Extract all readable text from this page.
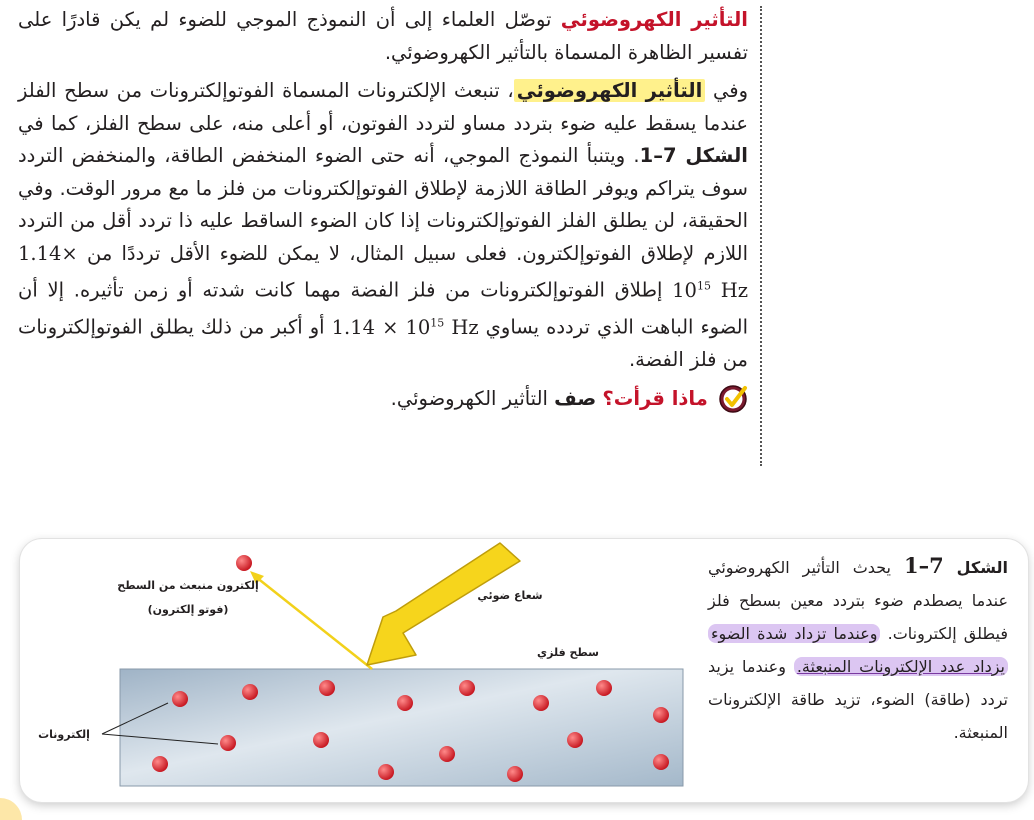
التأثير الكهروضوئي توصّل العلماء إلى أن النموذج الموجي للضوء لم يكن قادرًا على تفسير الظاهرة المسماة بالتأثير الكهروضوئي.

وفي التأثير الكهروضوئي، تنبعث الإلكترونات المسماة الفوتوإلكترونات من سطح الفلز عندما يسقط عليه ضوء بتردد مساو لتردد الفوتون، أو أعلى منه، على سطح الفلز، كما في الشكل 7–1. ويتنبأ النموذج الموجي، أنه حتى الضوء المنخفض الطاقة، والمنخفض التردد سوف يتراكم ويوفر الطاقة اللازمة لإطلاق الفوتوإلكترونات من فلز ما مع مرور الوقت. وفي الحقيقة، لن يطلق الفلز الفوتوإلكترونات إذا كان الضوء الساقط عليه ذا تردد أقل من التردد اللازم لإطلاق الفوتوإلكترون. فعلى سبيل المثال، لا يمكن للضوء الأقل ترددًا من $1.14\times 10^{15}$ Hz إطلاق الفوتوإلكترونات من فلز الفضة مهما كانت شدته أو زمن تأثيره. إلا أن الضوء الباهت الذي تردده يساوي $1.14 \times 10^{15}$ Hz أو أكبر من ذلك يطلق الفوتوإلكترونات من فلز الفضة.

ماذا قرأت؟ صف التأثير الكهروضوئي.

إلكترون منبعث من السطح
(فوتو إلكترون)
شعاع ضوئي
سطح فلزي
إلكترونات
الشكل 7–1 يحدث التأثير الكهروضوئي عندما يصطدم ضوء بتردد معين بسطح فلز فيطلق إلكترونات. وعندما تزداد شدة الضوء يزداد عدد الإلكترونات المنبعثة. وعندما يزيد تردد (طاقة) الضوء، تزيد طاقة الإلكترونات المنبعثة.
